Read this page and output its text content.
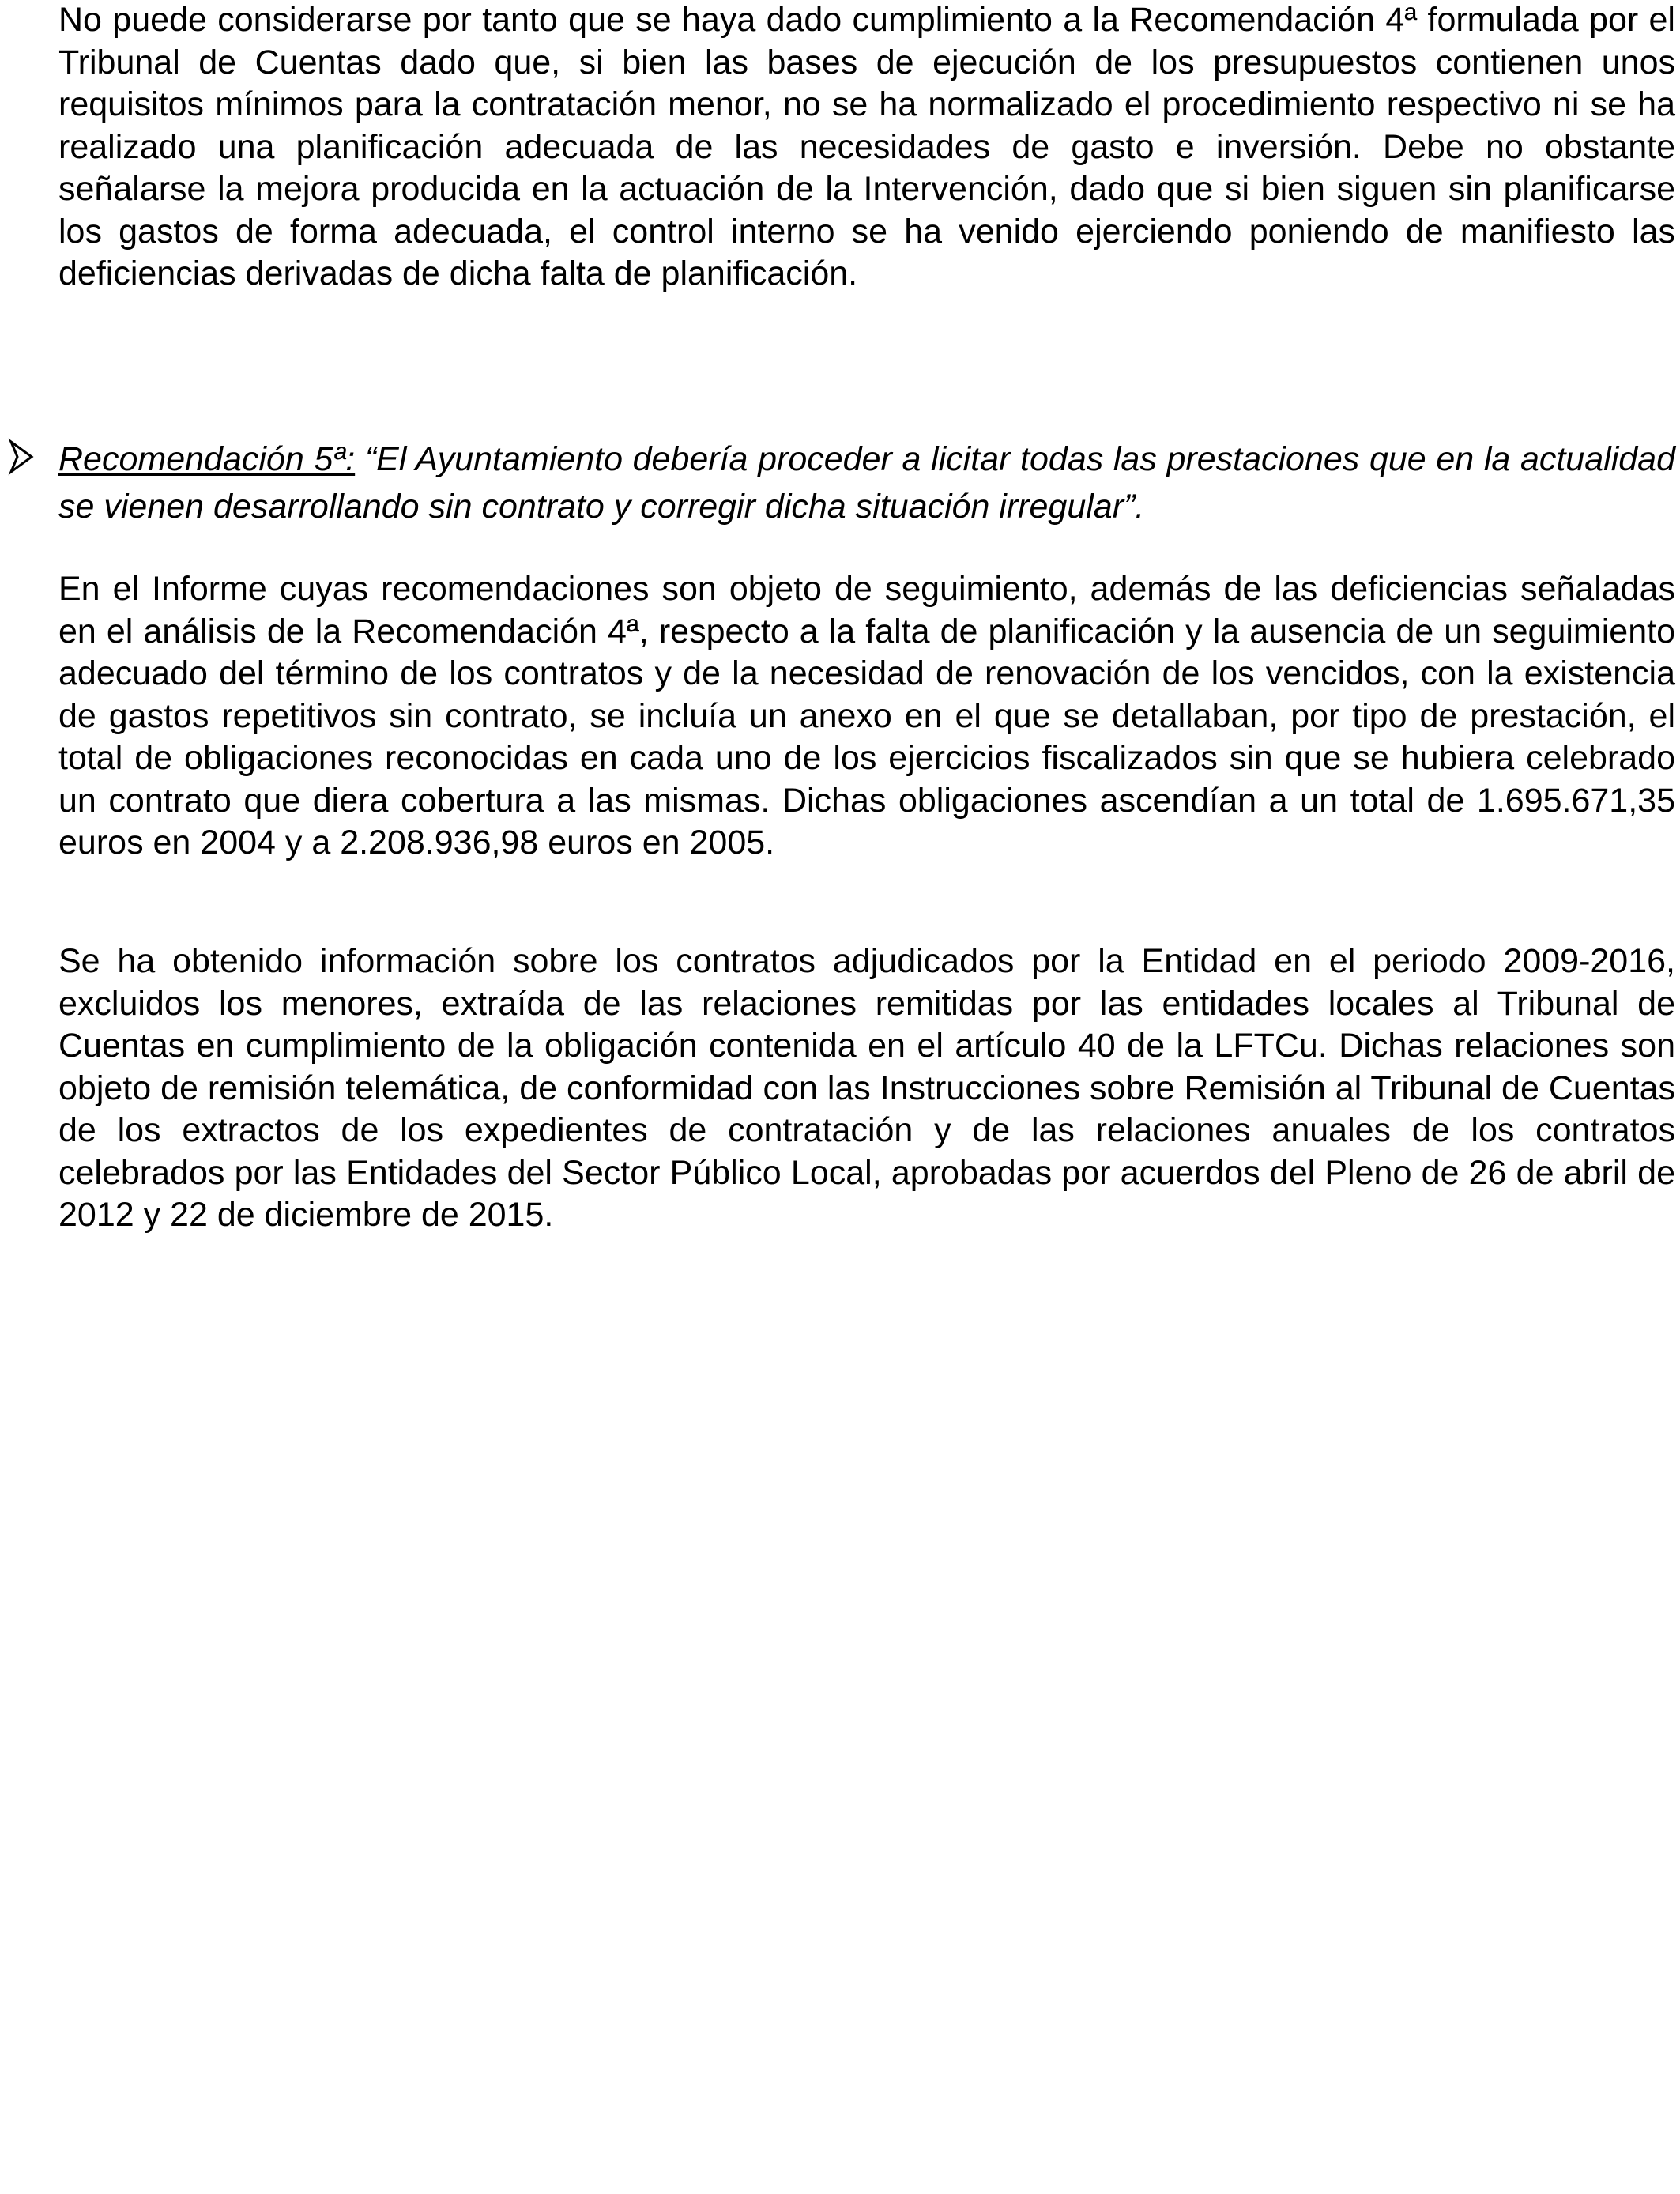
No puede considerarse por tanto que se haya dado cumplimiento a la Recomendación 4ª formulada por el Tribunal de Cuentas dado que, si bien las bases de ejecución de los presupuestos contienen unos requisitos mínimos para la contratación menor, no se ha normalizado el procedimiento respectivo ni se ha realizado una planificación adecuada de las necesidades de gasto e inversión. Debe no obstante señalarse la mejora producida en la actuación de la Intervención, dado que si bien siguen sin planificarse los gastos de forma adecuada, el control interno se ha venido ejerciendo poniendo de manifiesto las deficiencias derivadas de dicha falta de planificación.

Recomendación 5ª: “El Ayuntamiento debería proceder a licitar todas las prestaciones que en la actualidad se vienen desarrollando sin contrato y corregir dicha situación irregular”.

En el Informe cuyas recomendaciones son objeto de seguimiento, además de las deficiencias señaladas en el análisis de la Recomendación 4ª, respecto a la falta de planificación y la ausencia de un seguimiento adecuado del término de los contratos y de la necesidad de renovación de los vencidos, con la existencia de gastos repetitivos sin contrato, se incluía un anexo en el que se detallaban, por tipo de prestación, el total de obligaciones reconocidas en cada uno de los ejercicios fiscalizados sin que se hubiera celebrado un contrato que diera cobertura a las mismas. Dichas obligaciones ascendían a un total de 1.695.671,35 euros en 2004 y a 2.208.936,98 euros en 2005.

Se ha obtenido información sobre los contratos adjudicados por la Entidad en el periodo 2009-2016, excluidos los menores, extraída de las relaciones remitidas por las entidades locales al Tribunal de Cuentas en cumplimiento de la obligación contenida en el artículo 40 de la LFTCu. Dichas relaciones son objeto de remisión telemática, de conformidad con las Instrucciones sobre Remisión al Tribunal de Cuentas de los extractos de los expedientes de contratación y de las relaciones anuales de los contratos celebrados por las Entidades del Sector Público Local, aprobadas por acuerdos del Pleno de 26 de abril de 2012 y 22 de diciembre de 2015.
